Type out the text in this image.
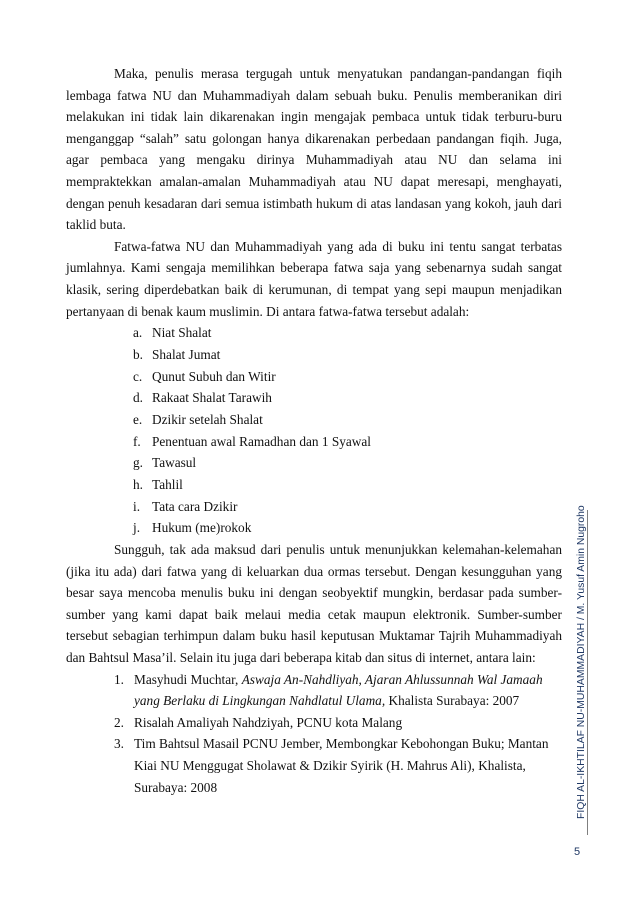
Maka, penulis merasa tergugah untuk menyatukan pandangan-pandangan fiqih lembaga fatwa NU dan Muhammadiyah dalam sebuah buku. Penulis memberanikan diri melakukan ini tidak lain dikarenakan ingin mengajak pembaca untuk tidak terburu-buru menganggap “salah” satu golongan hanya dikarenakan perbedaan pandangan fiqih. Juga, agar pembaca yang mengaku dirinya Muhammadiyah atau NU dan selama ini mempraktekkan amalan-amalan Muhammadiyah atau NU dapat meresapi, menghayati, dengan penuh kesadaran dari semua istimbath hukum di atas landasan yang kokoh, jauh dari taklid buta.

Fatwa-fatwa NU dan Muhammadiyah yang ada di buku ini tentu sangat terbatas jumlahnya. Kami sengaja memilihkan beberapa fatwa saja yang sebenarnya sudah sangat klasik, sering diperdebatkan baik di kerumunan, di tempat yang sepi maupun menjadikan pertanyaan di benak kaum muslimin. Di antara fatwa-fatwa tersebut adalah:

a. Niat Shalat
b. Shalat Jumat
c. Qunut Subuh dan Witir
d. Rakaat Shalat Tarawih
e. Dzikir setelah Shalat
f. Penentuan awal Ramadhan dan 1 Syawal
g. Tawasul
h. Tahlil
i. Tata cara Dzikir
j. Hukum (me)rokok

Sungguh, tak ada maksud dari penulis untuk menunjukkan kelemahan-kelemahan (jika itu ada) dari fatwa yang di keluarkan dua ormas tersebut. Dengan kesungguhan yang besar saya mencoba menulis buku ini dengan seobyektif mungkin, berdasar pada sumber-sumber yang kami dapat baik melaui media cetak maupun elektronik. Sumber-sumber tersebut sebagian terhimpun dalam buku hasil keputusan Muktamar Tajrih Muhammadiyah dan Bahtsul Masa’il. Selain itu juga dari beberapa kitab dan situs di internet, antara lain:

1. Masyhudi Muchtar, Aswaja An-Nahdliyah, Ajaran Ahlussunnah Wal Jamaah yang Berlaku di Lingkungan Nahdlatul Ulama, Khalista Surabaya: 2007
2. Risalah Amaliyah Nahdziyah, PCNU kota Malang
3. Tim Bahtsul Masail PCNU Jember, Membongkar Kebohongan Buku; Mantan Kiai NU Menggugat Sholawat & Dzikir Syirik (H. Mahrus Ali), Khalista, Surabaya: 2008	FIQH AL-IKHTILAF NU-MUHAMMADIYAH / M. Yusuf Amin Nugroho
5
